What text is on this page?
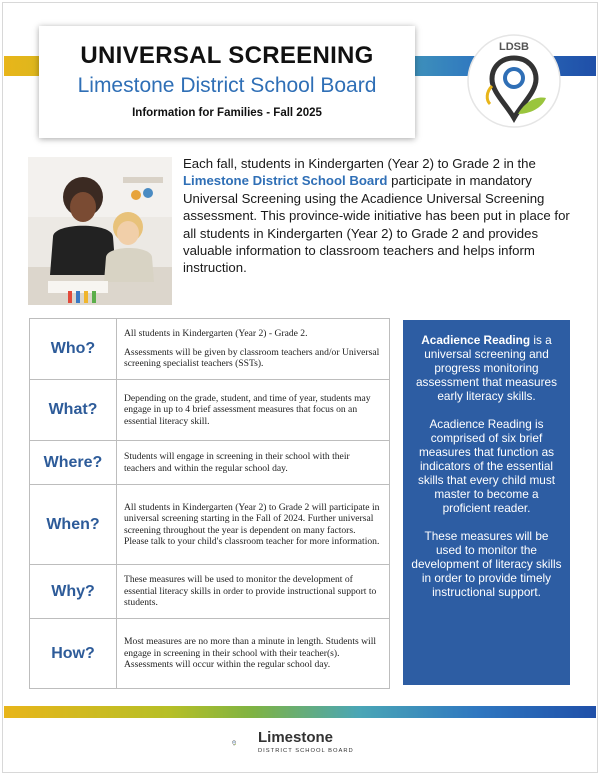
UNIVERSAL SCREENING
Limestone District School Board
Information for Families - Fall 2025
LDSB
Each fall, students in Kindergarten (Year 2) to Grade 2 in the Limestone District School Board participate in mandatory Universal Screening using the Acadience Universal Screening assessment. This province-wide initiative has been put in place for all students in Kindergarten (Year 2) to Grade 2 and provides valuable information to classroom teachers and helps inform instruction.
Who?	All students in Kindergarten (Year 2) - Grade 2.

Assessments will be given by classroom teachers and/or Universal screening specialist teachers (SSTs).

What?	Depending on the grade, student, and time of year, students may engage in up to 4 brief assessment measures that focus on an essential literacy skill.

Where?	Students will engage in screening in their school with their teachers and within the regular school day.

When?	All students in Kindergarten (Year 2) to Grade 2 will participate in universal screening starting in the Fall of 2024. Further universal screening throughout the year is dependent on many factors. Please talk to your child's classroom teacher for more information.

Why?	These measures will be used to monitor the development of essential literacy skills in order to provide instructional support to students.

How?	Most measures are no more than a minute in length. Students will engage in screening in their school with their teacher(s). Assessments will occur within the regular school day.

Acadience Reading is a universal screening and progress monitoring assessment that measures early literacy skills.

Acadience Reading is comprised of six brief measures that function as indicators of the essential skills that every child must master to become a proficient reader.

These measures will be used to monitor the development of literacy skills in order to provide timely instructional support.

Limestone
DISTRICT SCHOOL BOARD
